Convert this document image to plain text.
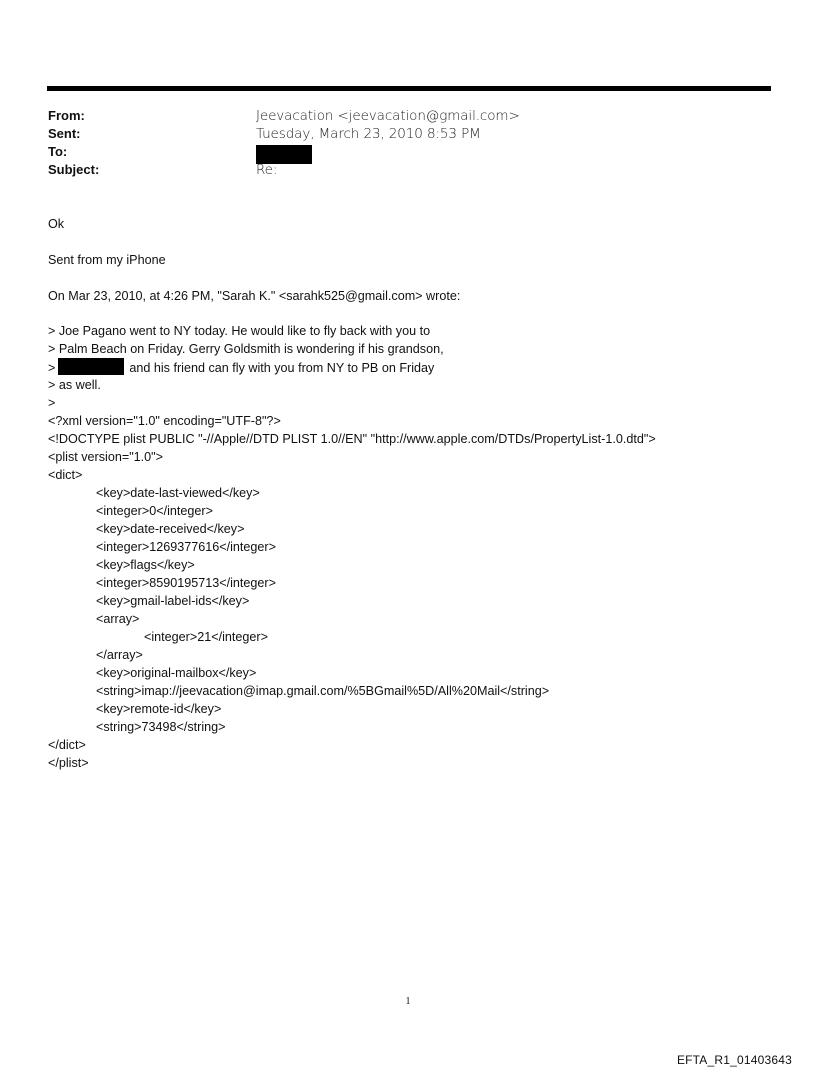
From:	Jeevacation <jeevacation@gmail.com>
Sent:	Tuesday, March 23, 2010 8:53 PM
To:
Subject:	Re:
Ok
Sent from my iPhone
On Mar 23, 2010, at 4:26 PM, "Sarah K." <sarahk525@gmail.com> wrote:
> Joe Pagano went to NY today. He would like to fly back with you to
> Palm Beach on Friday. Gerry Goldsmith is wondering if his grandson,
>	and his friend can fly with you from NY to PB on Friday
> as well.
>
<?xml version="1.0" encoding="UTF-8"?>
<!DOCTYPE plist PUBLIC "-//Apple//DTD PLIST 1.0//EN" "http://www.apple.com/DTDs/PropertyList-1.0.dtd">
<plist version="1.0">
<dict>
<key>date-last-viewed</key>
<integer>0</integer>
<key>date-received</key>
<integer>1269377616</integer>
<key>flags</key>
<integer>8590195713</integer>
<key>gmail-label-ids</key>
<array>
<integer>21</integer>
</array>
<key>original-mailbox</key>
<string>imap://jeevacation@imap.gmail.com/%5BGmail%5D/All%20Mail</string>
<key>remote-id</key>
<string>73498</string>
</dict>
</plist>
1
EFTA_R1_01403643
